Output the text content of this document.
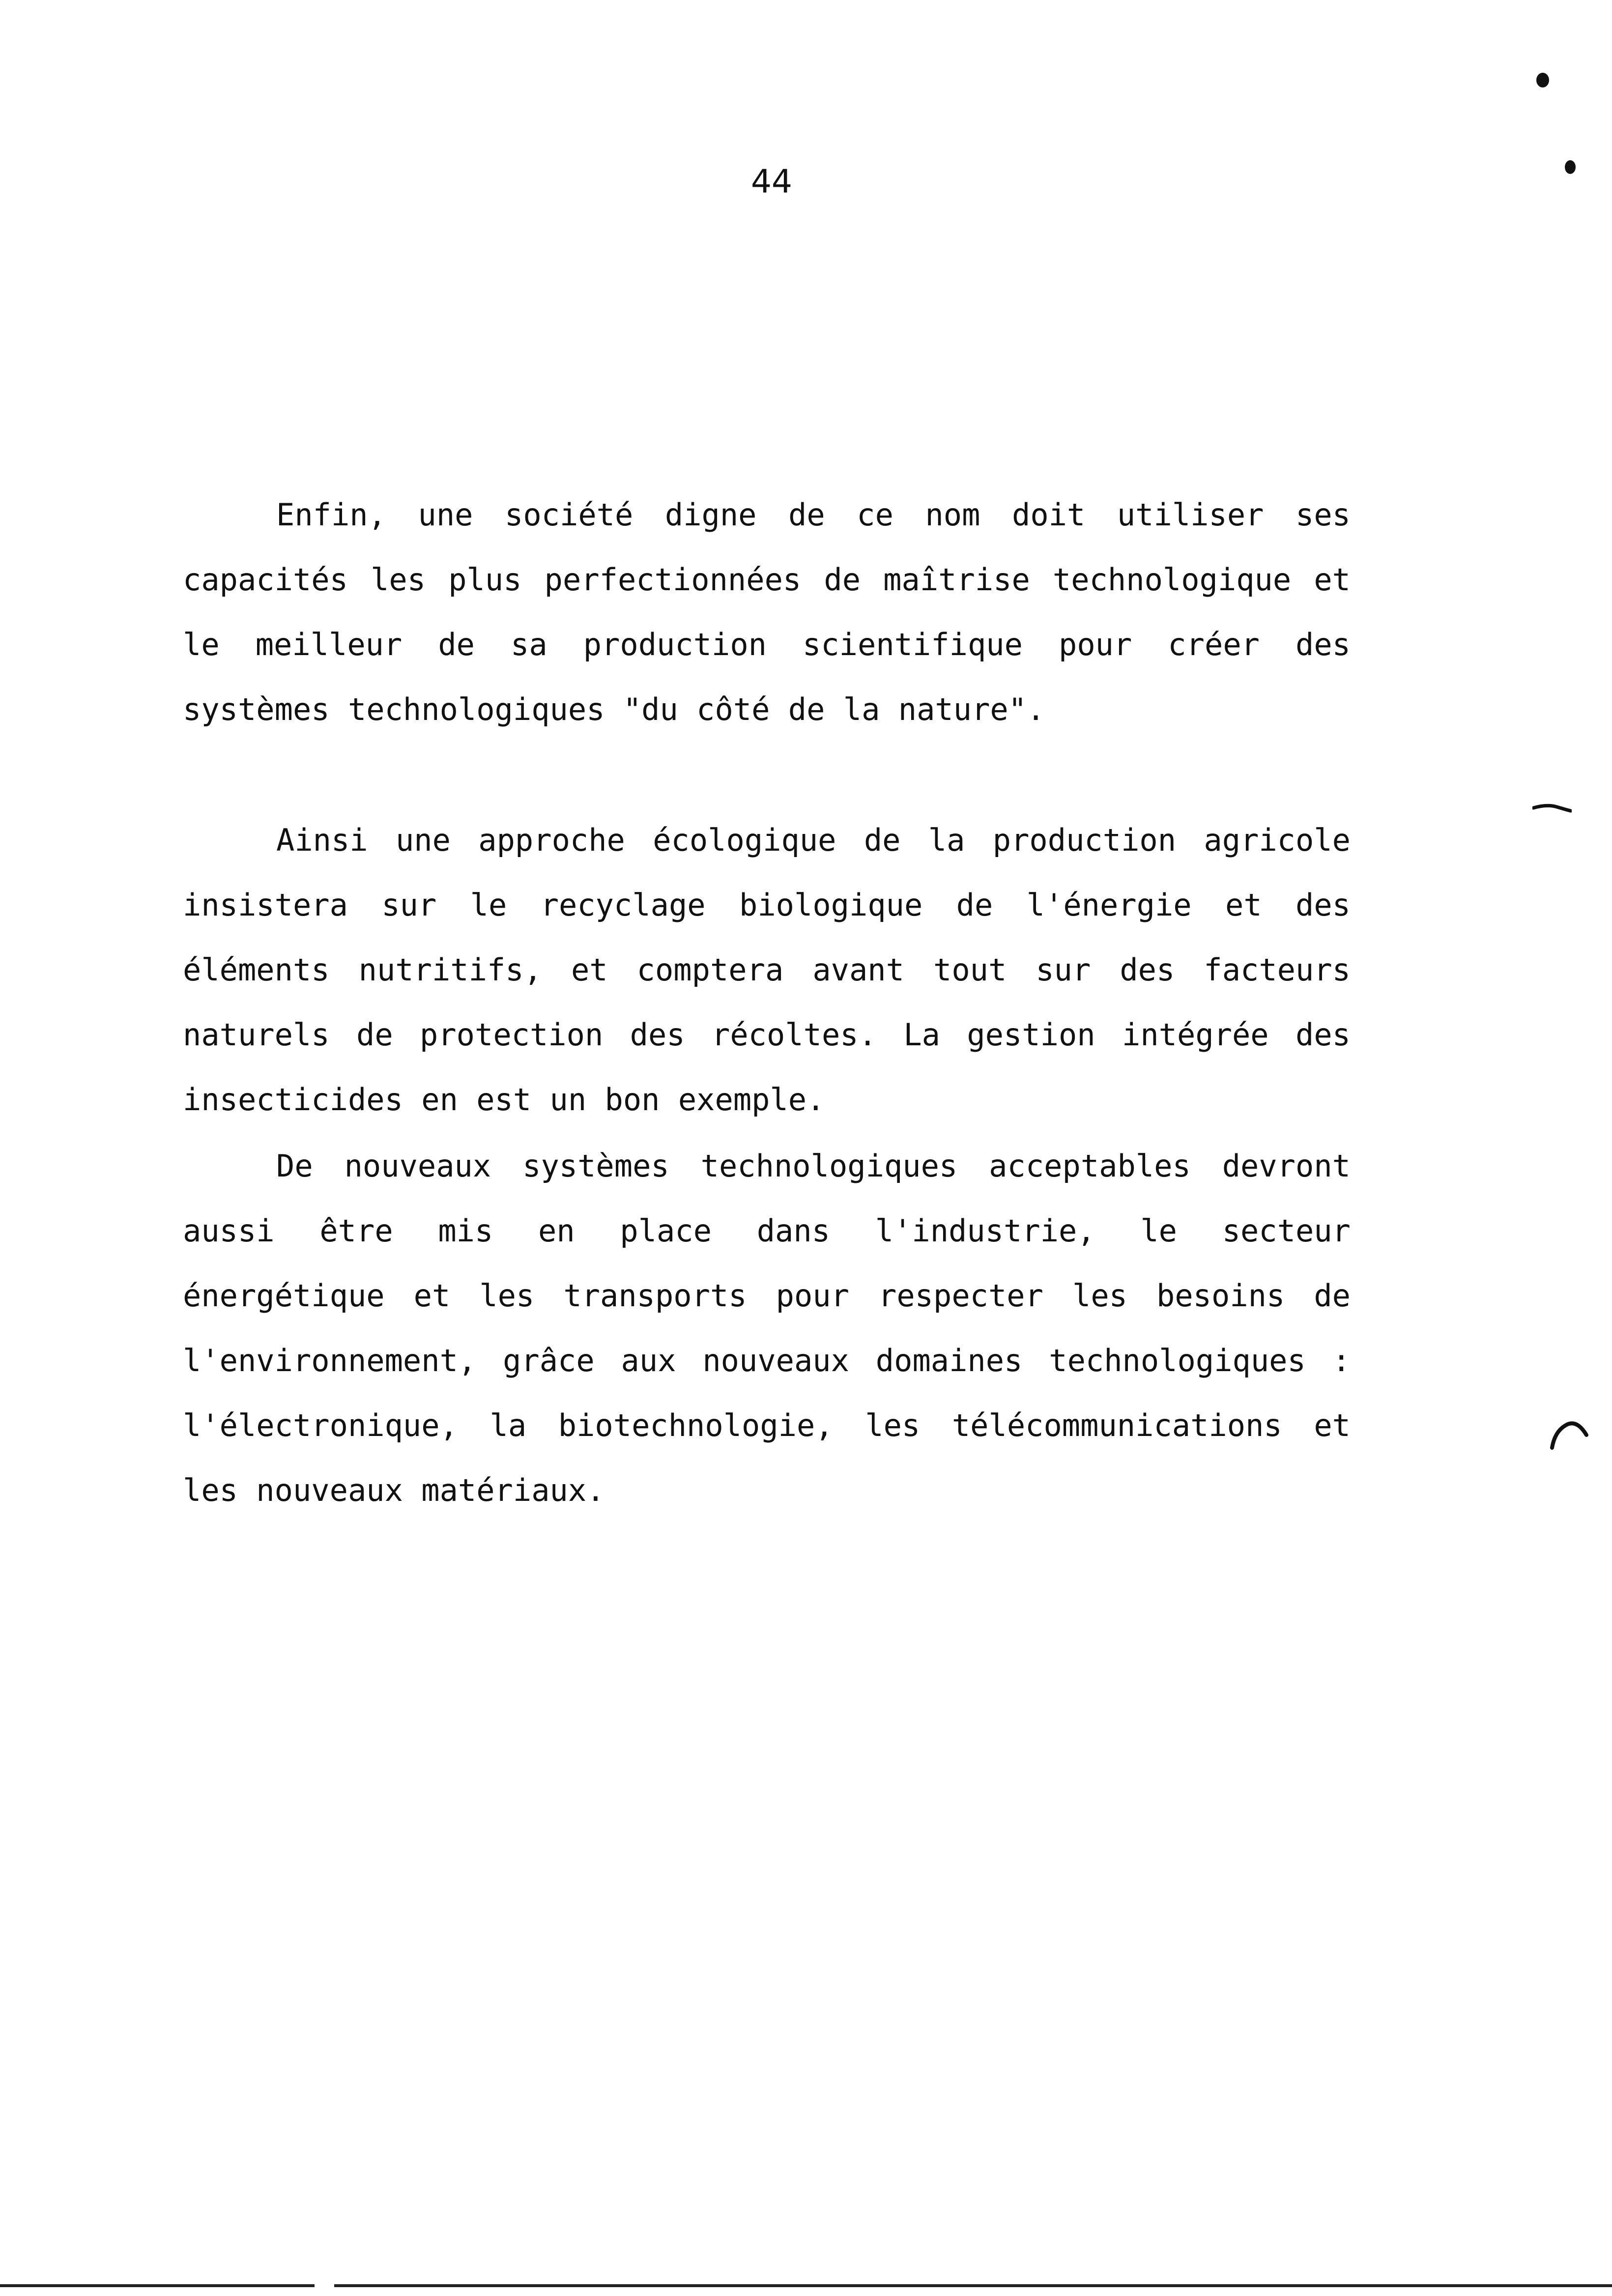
44

Enfin, une société digne de ce nom doit utiliser ses capacités les plus perfectionnées de maîtrise technologique et le meilleur de sa production scientifique pour créer des systèmes technologiques "du côté de la nature".

Ainsi une approche écologique de la production agricole insistera sur le recyclage biologique de l'énergie et des éléments nutritifs, et comptera avant tout sur des facteurs naturels de protection des récoltes. La gestion intégrée des insecticides en est un bon exemple.

De nouveaux systèmes technologiques acceptables devront aussi être mis en place dans l'industrie, le secteur énergétique et les transports pour respecter les besoins de l'environnement, grâce aux nouveaux domaines technologiques : l'électronique, la biotechnologie, les télécommunications et les nouveaux matériaux.
